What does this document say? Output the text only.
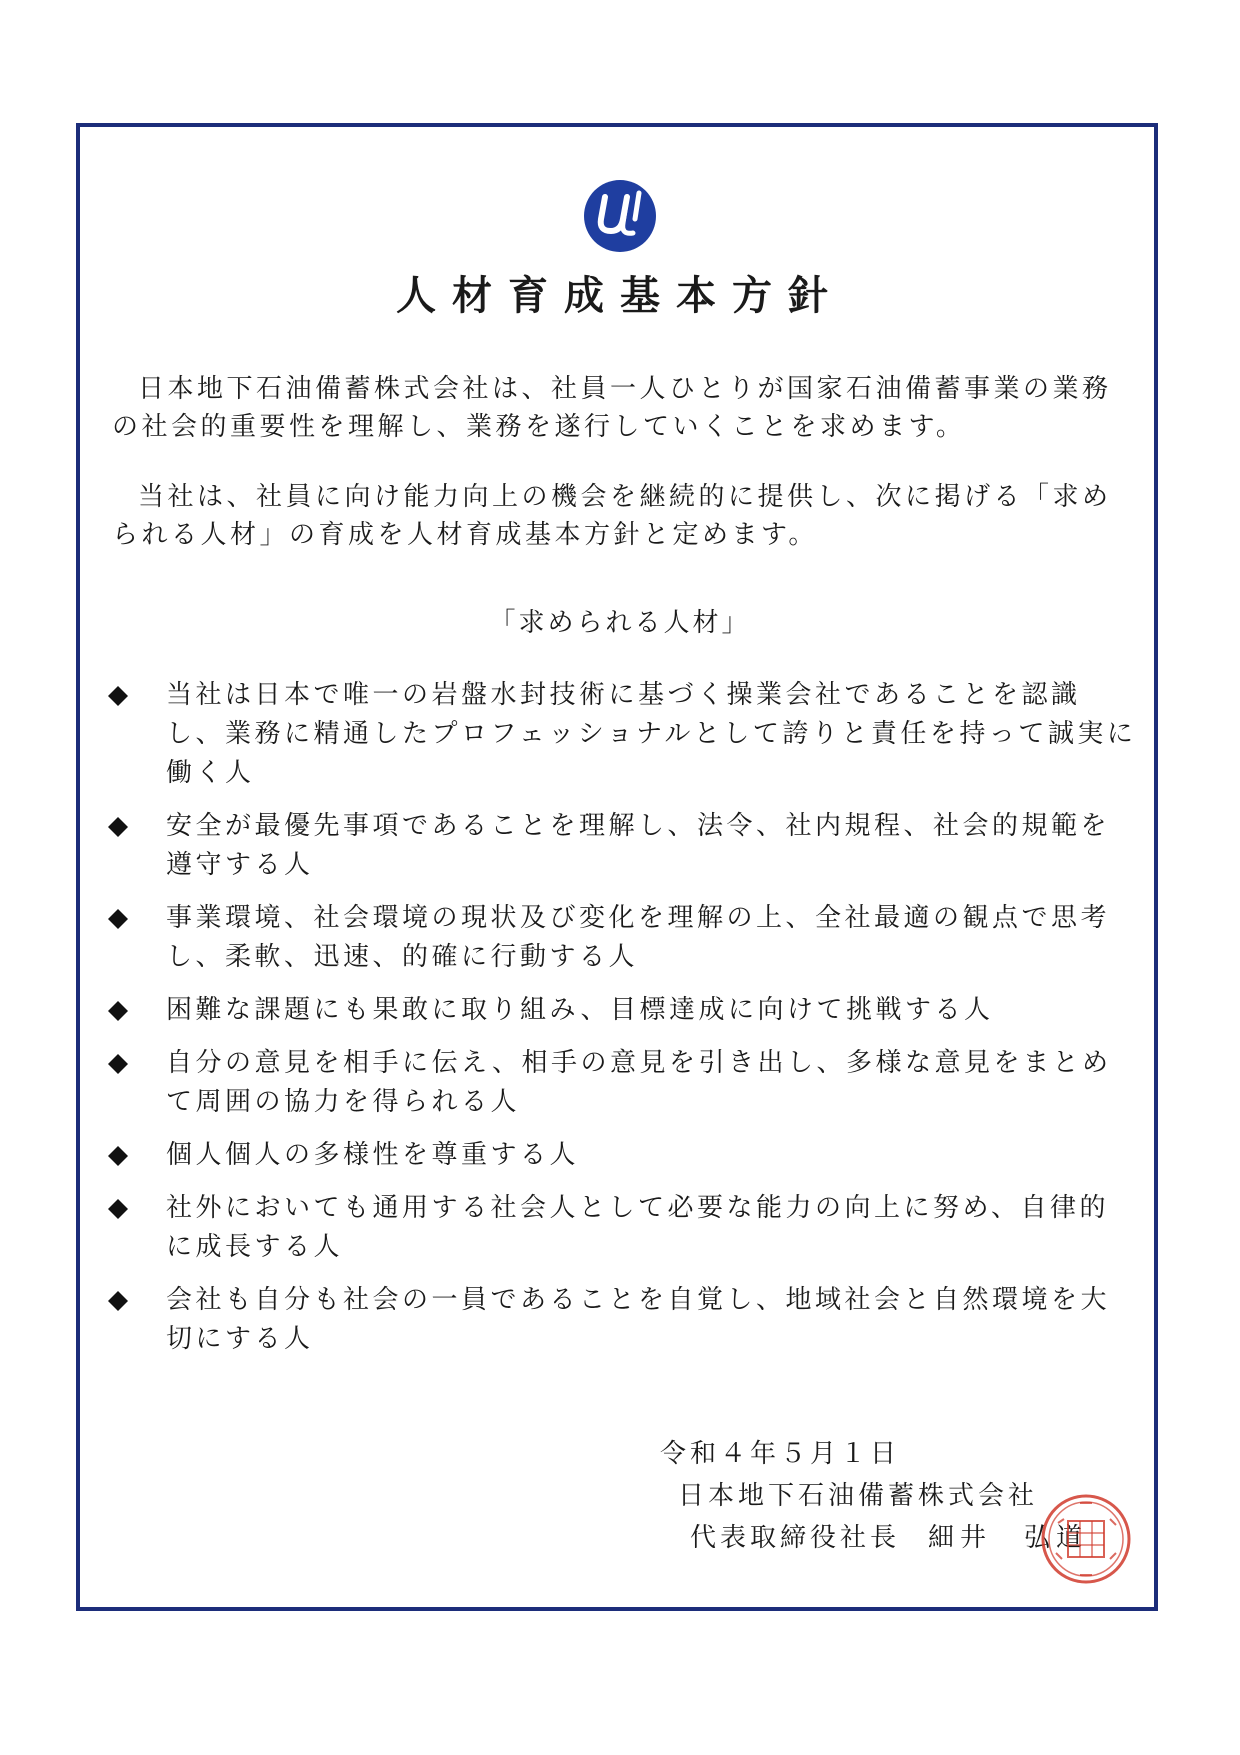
人材育成基本方針

日本地下石油備蓄株式会社は、社員一人ひとりが国家石油備蓄事業の業務の社会的重要性を理解し、業務を遂行していくことを求めます。

当社は、社員に向け能力向上の機会を継続的に提供し、次に掲げる「求められる人材」の育成を人材育成基本方針と定めます。

「求められる人材」
当社は日本で唯一の岩盤水封技術に基づく操業会社であることを認識し、業務に精通したプロフェッショナルとして誇りと責任を持って誠実に働く人
安全が最優先事項であることを理解し、法令、社内規程、社会的規範を遵守する人
事業環境、社会環境の現状及び変化を理解の上、全社最適の観点で思考し、柔軟、迅速、的確に行動する人
困難な課題にも果敢に取り組み、目標達成に向けて挑戦する人
自分の意見を相手に伝え、相手の意見を引き出し、多様な意見をまとめて周囲の協力を得られる人
個人個人の多様性を尊重する人
社外においても通用する社会人として必要な能力の向上に努め、自律的に成長する人
会社も自分も社会の一員であることを自覚し、地域社会と自然環境を大切にする人
令和４年５月１日
日本地下石油備蓄株式会社
代表取締役社長 細井　弘道
